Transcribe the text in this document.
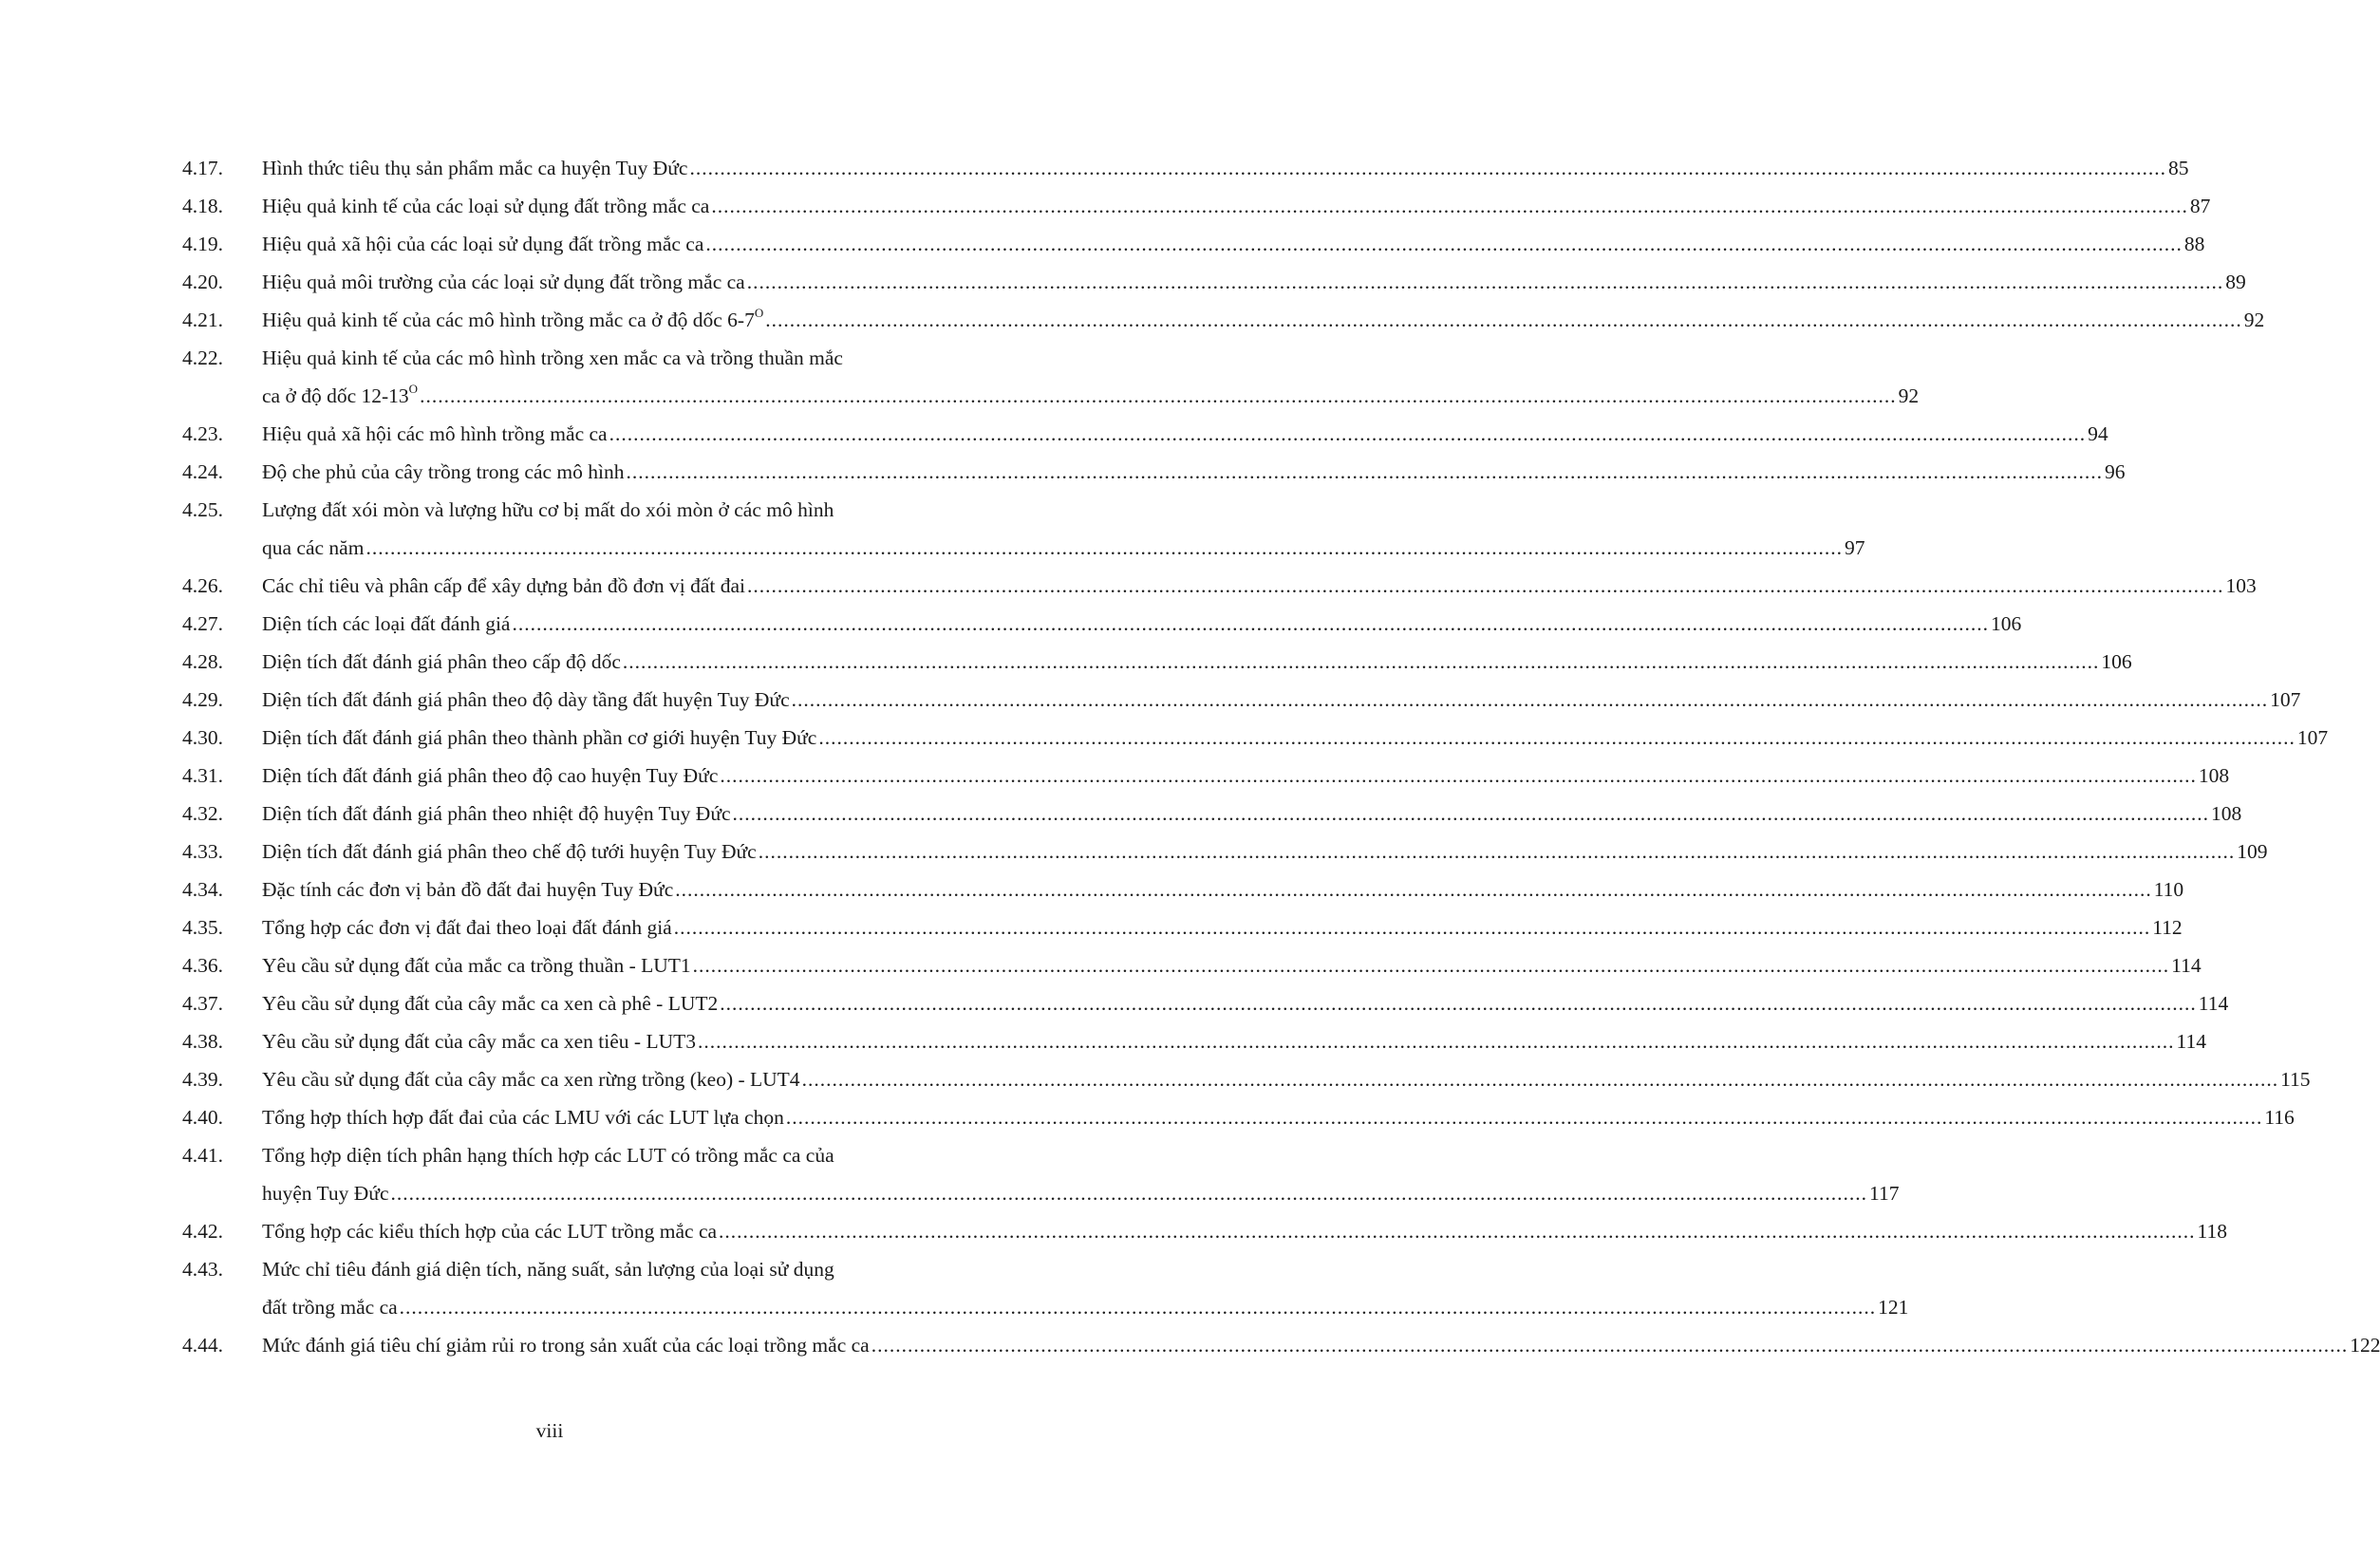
4.17.	Hình thức tiêu thụ sản phẩm mắc ca huyện Tuy Đức .....	85
4.18.	Hiệu quả kinh tế của các loại sử dụng đất trồng mắc ca .....	87
4.19.	Hiệu quả xã hội của các loại sử dụng đất trồng mắc ca .....	88
4.20.	Hiệu quả môi trường của các loại sử dụng đất trồng mắc ca .....	89
4.21.	Hiệu quả kinh tế của các mô hình trồng mắc ca ở độ dốc $6-7^O$ .....	92
4.22.	Hiệu quả kinh tế của các mô hình trồng xen mắc ca và trồng thuần mắc
ca ở độ dốc $12-13^O$ .....	92
4.23.	Hiệu quả xã hội các mô hình trồng mắc ca .....	94
4.24.	Độ che phủ của cây trồng trong các mô hình .....	96
4.25.	Lượng đất xói mòn và lượng hữu cơ bị mất do xói mòn ở các mô hình
qua các năm .....	97
4.26.	Các chỉ tiêu và phân cấp để xây dựng bản đồ đơn vị đất đai .....	103
4.27.	Diện tích các loại đất đánh giá .....	106
4.28.	Diện tích đất đánh giá phân theo cấp độ dốc .....	106
4.29.	Diện tích đất đánh giá phân theo độ dày tầng đất huyện Tuy Đức .....	107
4.30.	Diện tích đất đánh giá phân theo thành phần cơ giới huyện Tuy Đức .....	107
4.31.	Diện tích đất đánh giá phân theo độ cao huyện Tuy Đức .....	108
4.32.	Diện tích đất đánh giá phân theo nhiệt độ huyện Tuy Đức .....	108
4.33.	Diện tích đất đánh giá phân theo chế độ tưới huyện Tuy Đức .....	109
4.34.	Đặc tính các đơn vị bản đồ đất đai huyện Tuy Đức .....	110
4.35.	Tổng hợp các đơn vị đất đai theo loại đất đánh giá .....	112
4.36.	Yêu cầu sử dụng đất của mắc ca trồng thuần - LUT1 .....	114
4.37.	Yêu cầu sử dụng đất của cây mắc ca xen cà phê - LUT2 .....	114
4.38.	Yêu cầu sử dụng đất của cây mắc ca xen tiêu - LUT3 .....	114
4.39.	Yêu cầu sử dụng đất của cây mắc ca xen rừng trồng (keo) - LUT4 .....	115
4.40.	Tổng hợp thích hợp đất đai của các LMU với các LUT lựa chọn .....	116
4.41.	Tổng hợp diện tích phân hạng thích hợp các LUT có trồng mắc ca của
huyện Tuy Đức .....	117
4.42.	Tổng hợp các kiểu thích hợp của các LUT trồng mắc ca .....	118
4.43.	Mức chỉ tiêu đánh giá diện tích, năng suất, sản lượng của loại sử dụng
đất trồng mắc ca .....	121
4.44.	Mức đánh giá tiêu chí giảm rủi ro trong sản xuất của các loại trồng mắc ca .....	122
viii
